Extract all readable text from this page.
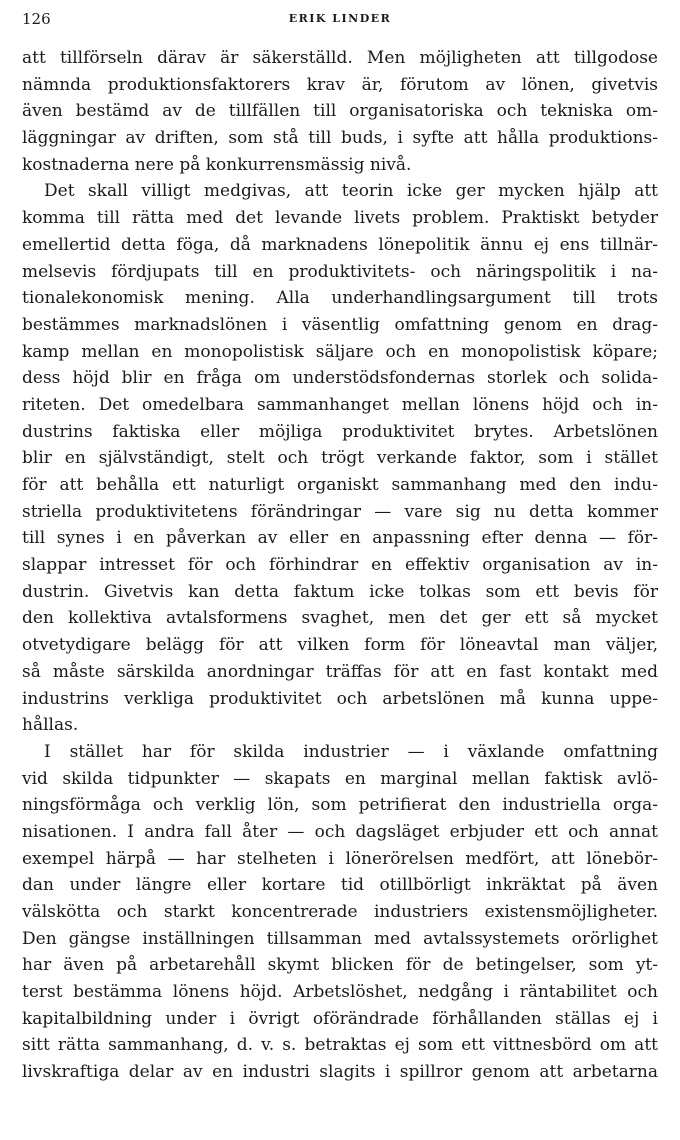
126	ERIK LINDER
att tillförseln därav är säkerställd. Men möjligheten att tillgodose
nämnda produktionsfaktorers krav är, förutom av lönen, givetvis
även bestämd av de tillfällen till organisatoriska och tekniska om-
läggningar av driften, som stå till buds, i syfte att hålla produktions-
kostnaderna nere på konkurrensmässig nivå.
Det skall villigt medgivas, att teorin icke ger mycken hjälp att
komma till rätta med det levande livets problem. Praktiskt betyder
emellertid detta föga, då marknadens lönepolitik ännu ej ens tillnär-
melsevis fördjupats till en produktivitets- och näringspolitik i na-
tionalekonomisk mening. Alla underhandlingsargument till trots
bestämmes marknadslönen i väsentlig omfattning genom en drag-
kamp mellan en monopolistisk säljare och en monopolistisk köpare;
dess höjd blir en fråga om understödsfondernas storlek och solida-
riteten. Det omedelbara sammanhanget mellan lönens höjd och in-
dustrins faktiska eller möjliga produktivitet brytes. Arbetslönen
blir en självständigt, stelt och trögt verkande faktor, som i stället
för att behålla ett naturligt organiskt sammanhang med den indu-
striella produktivitetens förändringar — vare sig nu detta kommer
till synes i en påverkan av eller en anpassning efter denna — för-
slappar intresset för och förhindrar en effektiv organisation av in-
dustrin. Givetvis kan detta faktum icke tolkas som ett bevis för
den kollektiva avtalsformens svaghet, men det ger ett så mycket
otvetydigare belägg för att vilken form för löneavtal man väljer,
så måste särskilda anordningar träffas för att en fast kontakt med
industrins verkliga produktivitet och arbetslönen må kunna uppe-
hållas.
I stället har för skilda industrier — i växlande omfattning
vid skilda tidpunkter — skapats en marginal mellan faktisk avlö-
ningsförmåga och verklig lön, som petrifierat den industriella orga-
nisationen. I andra fall åter — och dagsläget erbjuder ett och annat
exempel härpå — har stelheten i lönerörelsen medfört, att lönebör-
dan under längre eller kortare tid otillbörligt inkräktat på även
välskötta och starkt koncentrerade industriers existensmöjligheter.
Den gängse inställningen tillsamman med avtalssystemets orörlighet
har även på arbetarehåll skymt blicken för de betingelser, som yt-
terst bestämma lönens höjd. Arbetslöshet, nedgång i räntabilitet och
kapitalbildning under i övrigt oförändrade förhållanden ställas ej i
sitt rätta sammanhang, d. v. s. betraktas ej som ett vittnesbörd om att
livskraftiga delar av en industri slagits i spillror genom att arbetarna
